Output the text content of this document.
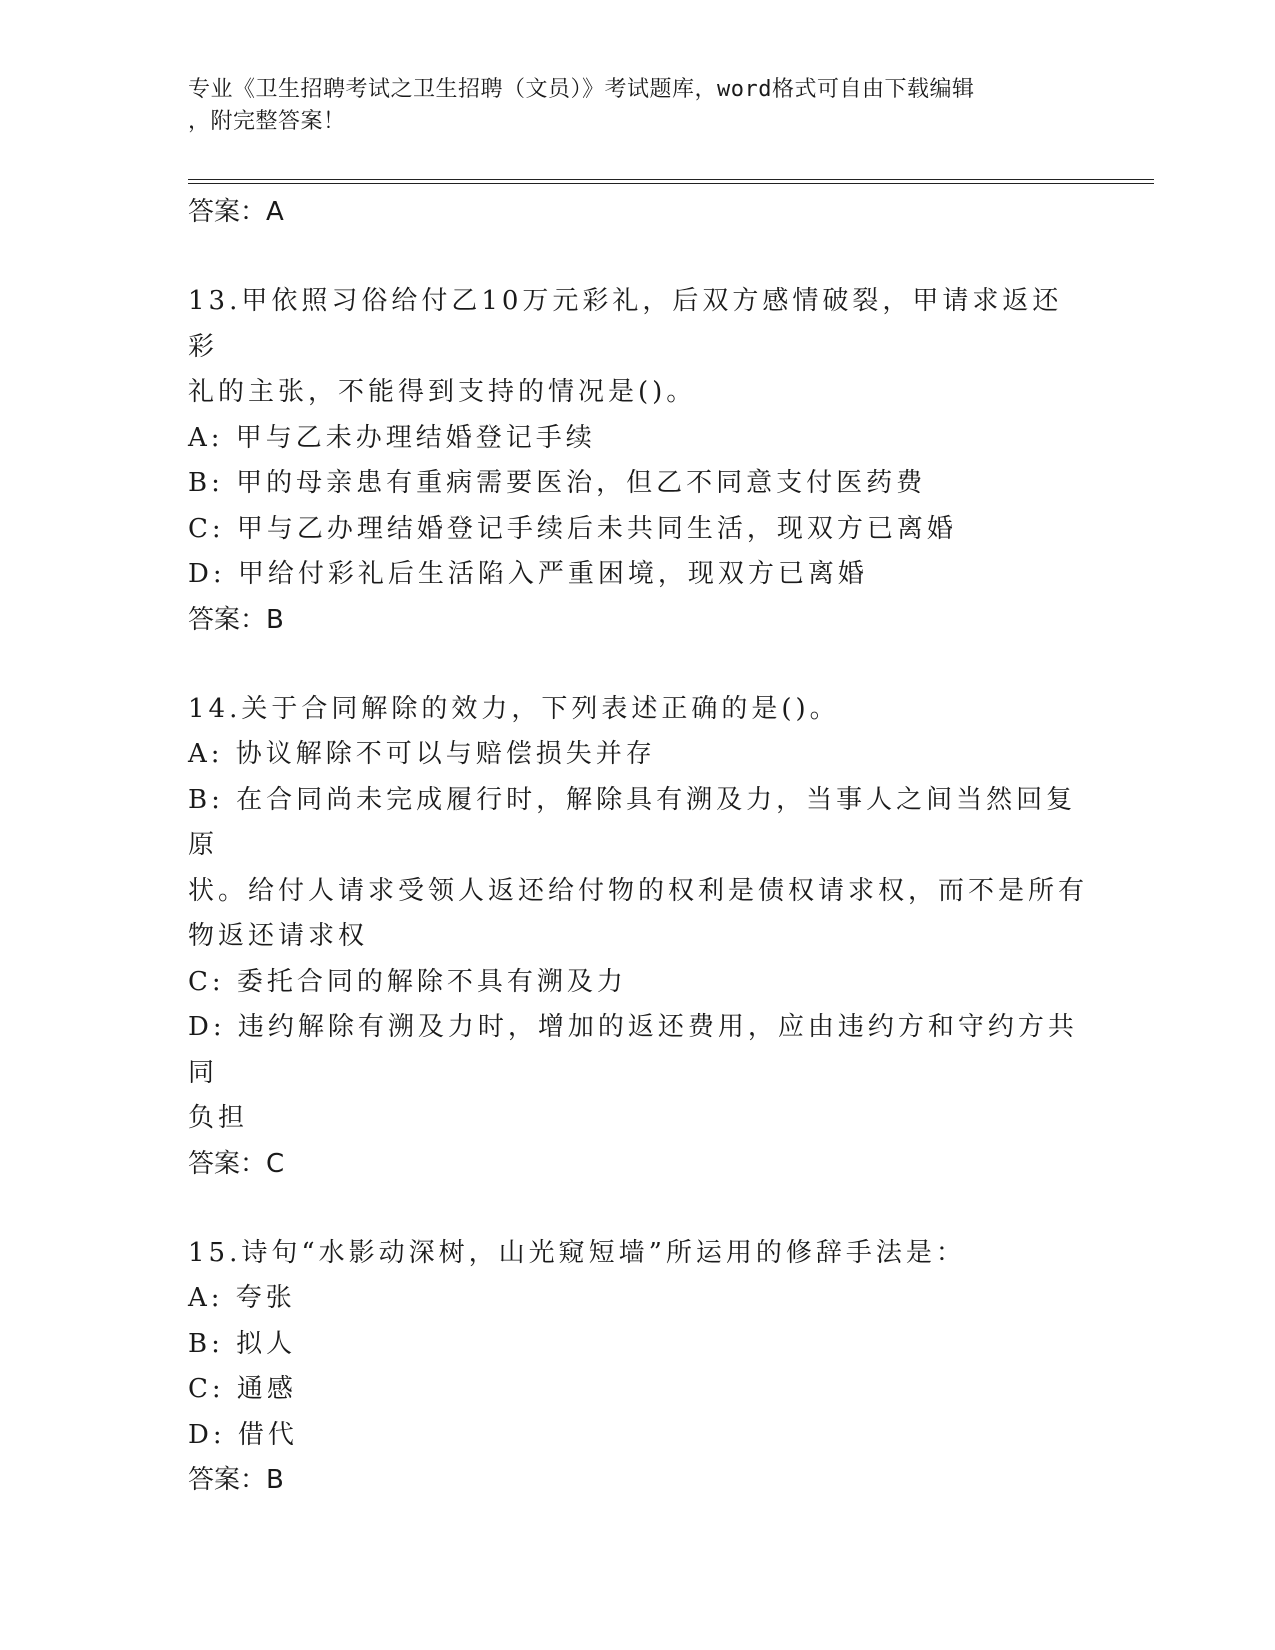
专业《卫生招聘考试之卫生招聘（文员）》考试题库，word格式可自由下载编辑
，附完整答案！
答案：A
13.甲依照习俗给付乙10万元彩礼，后双方感情破裂，甲请求返还彩
礼的主张，不能得到支持的情况是()。
A: 甲与乙未办理结婚登记手续
B: 甲的母亲患有重病需要医治，但乙不同意支付医药费
C: 甲与乙办理结婚登记手续后未共同生活，现双方已离婚
D: 甲给付彩礼后生活陷入严重困境，现双方已离婚
答案：B
14.关于合同解除的效力，下列表述正确的是()。
A: 协议解除不可以与赔偿损失并存
B: 在合同尚未完成履行时，解除具有溯及力，当事人之间当然回复原
状。给付人请求受领人返还给付物的权利是债权请求权，而不是所有
物返还请求权
C: 委托合同的解除不具有溯及力
D: 违约解除有溯及力时，增加的返还费用，应由违约方和守约方共同
负担
答案：C
15.诗句“水影动深树，山光窥短墙”所运用的修辞手法是：
A: 夸张
B: 拟人
C: 通感
D: 借代
答案：B
